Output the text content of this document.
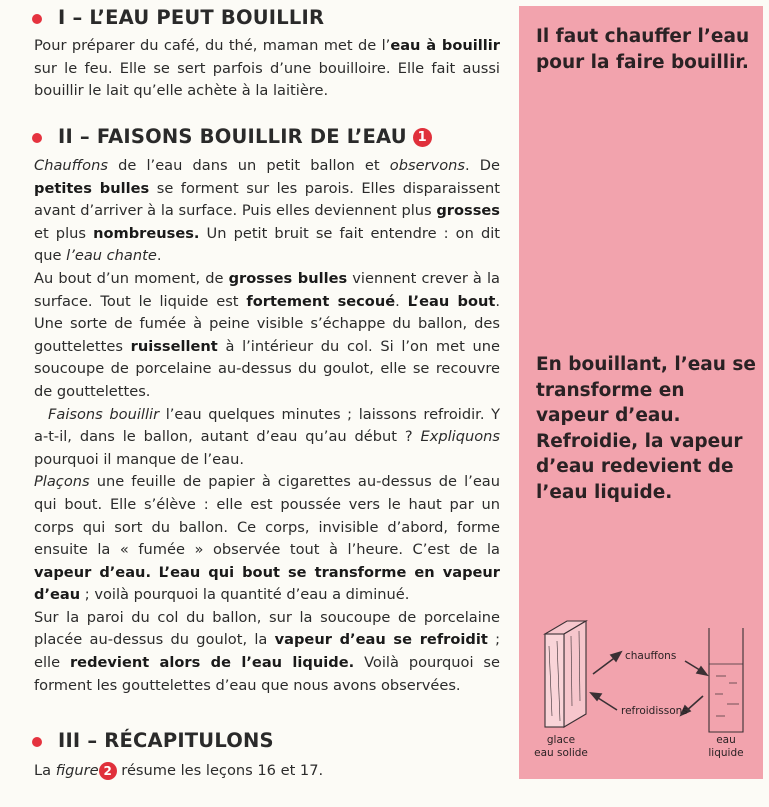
I – L’EAU PEUT BOUILLIR

Pour préparer du café, du thé, maman met de l’eau à bouillir sur le feu. Elle se sert parfois d’une bouilloire. Elle fait aussi bouillir le lait qu’elle achète à la laitière.

II – FAISONS BOUILLIR DE L’EAU 1

Chauffons de l’eau dans un petit ballon et observons. De petites bulles se forment sur les parois. Elles disparaissent avant d’arriver à la surface. Puis elles deviennent plus grosses et plus nombreuses. Un petit bruit se fait entendre : on dit que l’eau chante.

Au bout d’un moment, de grosses bulles viennent crever à la surface. Tout le liquide est fortement secoué. L’eau bout. Une sorte de fumée à peine visible s’échappe du ballon, des gouttelettes ruissellent à l’intérieur du col. Si l’on met une soucoupe de porcelaine au-dessus du goulot, elle se recouvre de gouttelettes.

Faisons bouillir l’eau quelques minutes ; laissons refroidir. Y a-t-il, dans le ballon, autant d’eau qu’au début ? Expliquons pourquoi il manque de l’eau.

Plaçons une feuille de papier à cigarettes au-dessus de l’eau qui bout. Elle s’élève : elle est poussée vers le haut par un corps qui sort du ballon. Ce corps, invisible d’abord, forme ensuite la « fumée » observée tout à l’heure. C’est de la vapeur d’eau. L’eau qui bout se transforme en vapeur d’eau ; voilà pourquoi la quantité d’eau a diminué.

Sur la paroi du col du ballon, sur la soucoupe de porcelaine placée au-dessus du goulot, la vapeur d’eau se refroidit ; elle redevient alors de l’eau liquide. Voilà pourquoi se forment les gouttelettes d’eau que nous avons observées.

III – RÉCAPITULONS

La figure 2 résume les leçons 16 et 17.

Il faut chauffer l’eau pour la faire bouillir.
En bouillant, l’eau se transforme en vapeur d’eau. Refroidie, la vapeur d’eau redevient de l’eau liquide.
chauffons
refroidissons
glace
eau solide
eau
liquide
